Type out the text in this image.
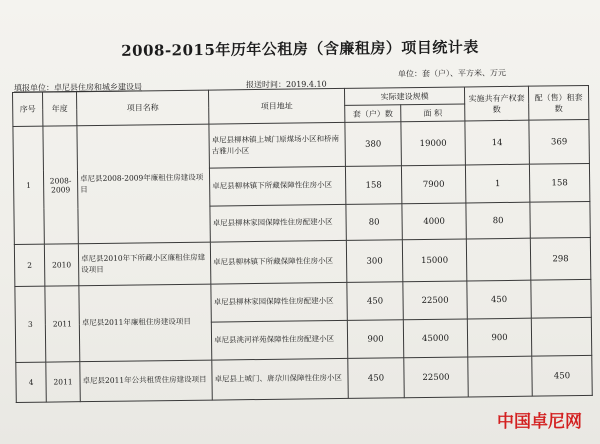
2008-2015年历年公租房（含廉租房）项目统计表
单位：套（户）、平方米、万元
填报单位：卓尼县住房和城乡建设局	报送时间：2019.4.10
序号	年度	项目名称	项目地址	实际建设规模		实施共有产权套数	配（售）租套数
				套（户）数	面 积		
1	2008-2009	卓尼县2008-2009年廉租住房建设项目	卓尼县柳林镇上城门原煤场小区和桥南古雅川小区	380	19000	14	369
			卓尼县柳林镇下所藏保障性住房小区	158	7900	1	158
			卓尼县柳林家园保障性住房配建小区	80	4000	80	
2	2010	卓尼县2010年下所藏小区廉租住房建设项目	卓尼县柳林镇下所藏保障性住房小区	300	15000		298
3	2011	卓尼县2011年廉租住房建设项目	卓尼县柳林家园保障性住房配建小区	450	22500	450	
			卓尼县洮河祥苑保障性住房配建小区	900	45000	900	
4	2011	卓尼县2011年公共租赁住房建设项目	卓尼县上城门、唐尕川保障性住房小区	450	22500		450
中国卓尼网
